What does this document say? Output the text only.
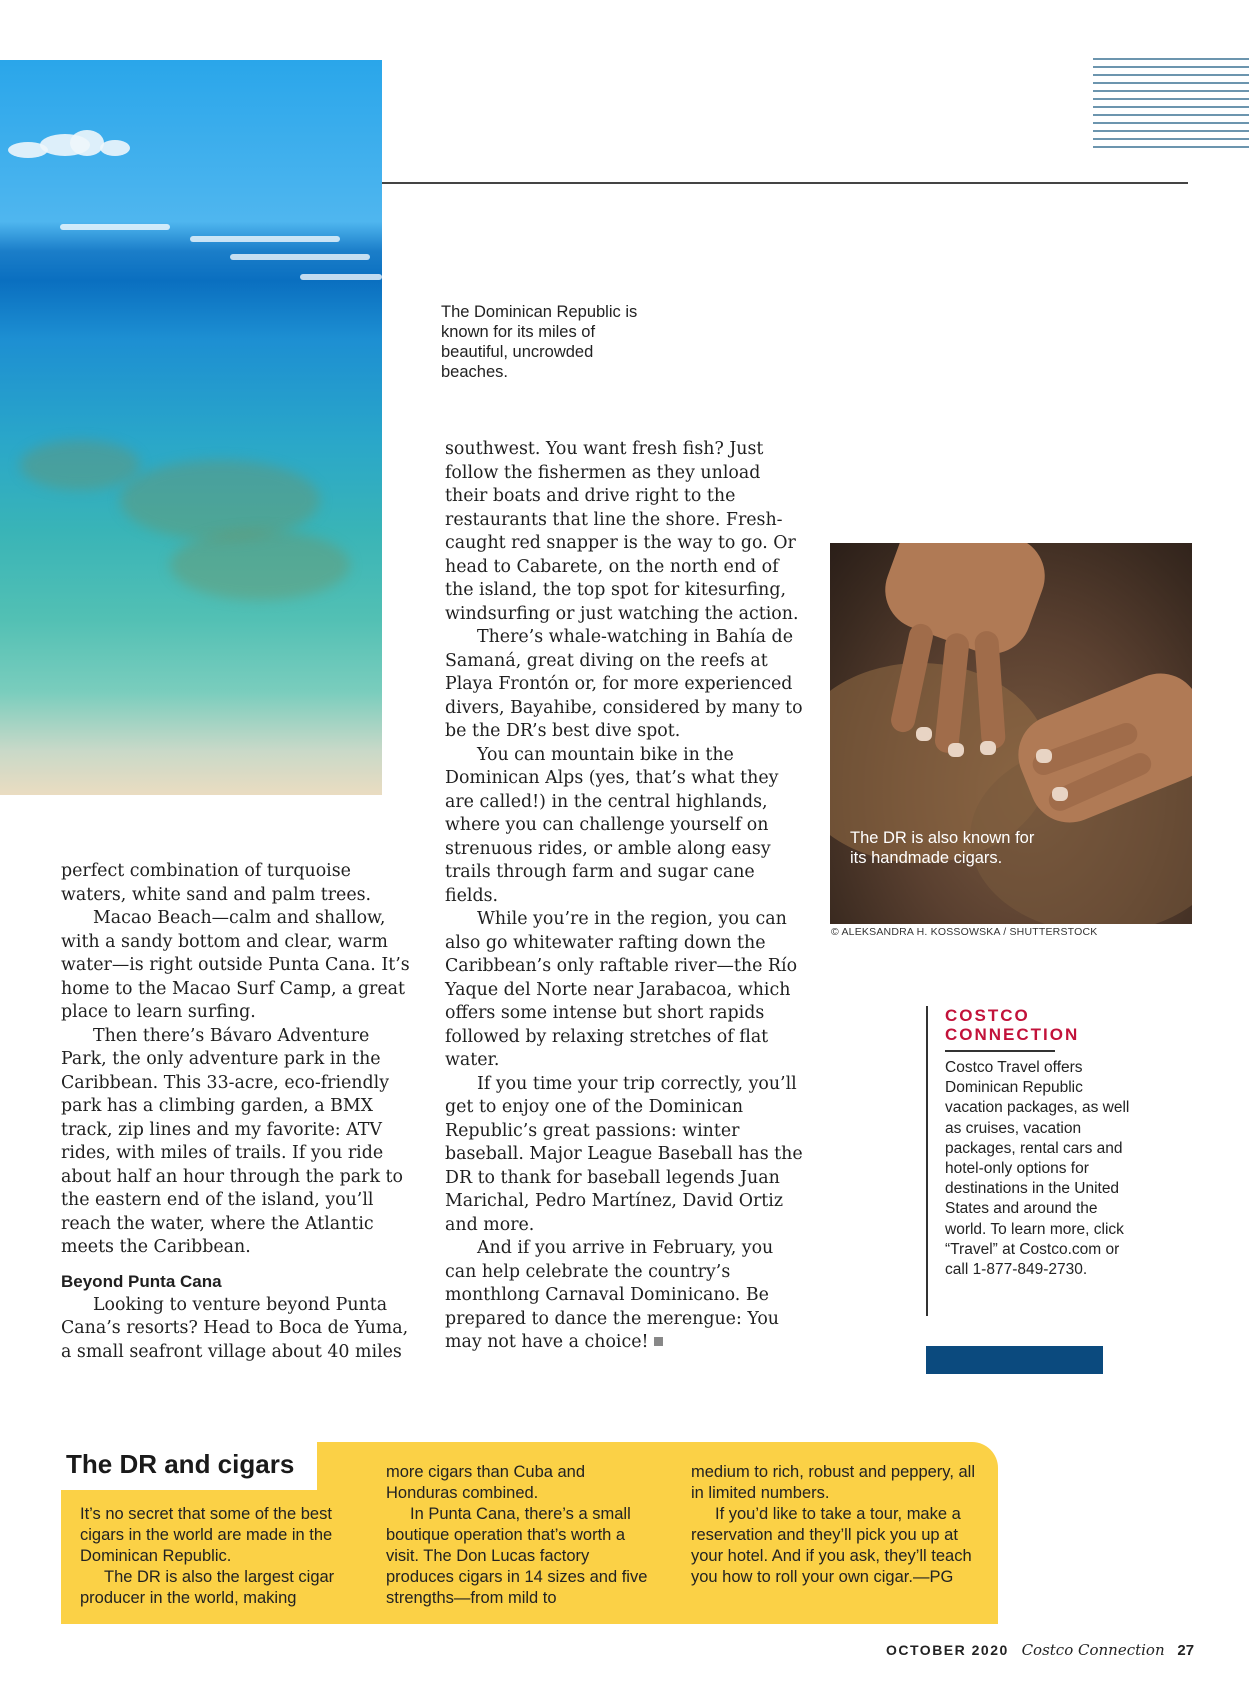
The Dominican Republic is known for its miles of beautiful, uncrowded beaches.

perfect combination of turquoise waters, white sand and palm trees.

Macao Beach—calm and shallow, with a sandy bottom and clear, warm water—is right outside Punta Cana. It’s home to the Macao Surf Camp, a great place to learn surfing.

Then there’s Bávaro Adventure Park, the only adventure park in the Caribbean. This 33-acre, eco-friendly park has a climbing garden, a BMX track, zip lines and my favorite: ATV rides, with miles of trails. If you ride about half an hour through the park to the eastern end of the island, you’ll reach the water, where the Atlantic meets the Caribbean.

Beyond Punta Cana

Looking to venture beyond Punta Cana’s resorts? Head to Boca de Yuma, a small seafront village about 40 miles

southwest. You want fresh fish? Just follow the fishermen as they unload their boats and drive right to the restaurants that line the shore. Fresh-caught red snapper is the way to go. Or head to Cabarete, on the north end of the island, the top spot for kitesurfing, windsurfing or just watching the action.

There’s whale-watching in Bahía de Samaná, great diving on the reefs at Playa Frontón or, for more experienced divers, Bayahibe, considered by many to be the DR’s best dive spot.

You can mountain bike in the Dominican Alps (yes, that’s what they are called!) in the central highlands, where you can challenge yourself on strenuous rides, or amble along easy trails through farm and sugar cane fields.

While you’re in the region, you can also go whitewater rafting down the Caribbean’s only raftable river—the Río Yaque del Norte near Jarabacoa, which offers some intense but short rapids followed by relaxing stretches of flat water.

If you time your trip correctly, you’ll get to enjoy one of the Dominican Republic’s great passions: winter baseball. Major League Baseball has the DR to thank for baseball legends Juan Marichal, Pedro Martínez, David Ortiz and more.

And if you arrive in February, you can help celebrate the country’s monthlong Carnaval Dominicano. Be prepared to dance the merengue: You may not have a choice!

The DR is also known for its handmade cigars.
© ALEKSANDRA H. KOSSOWSKA / SHUTTERSTOCK
COSTCO
CONNECTION
Costco Travel offers Dominican Republic vacation packages, as well as cruises, vacation packages, rental cars and hotel-only options for destinations in the United States and around the world. To learn more, click “Travel” at Costco.com or call 1-877-849-2730.
The DR and cigars

It’s no secret that some of the best cigars in the world are made in the Dominican Republic.

The DR is also the largest cigar producer in the world, making

more cigars than Cuba and Honduras combined.

In Punta Cana, there’s a small boutique operation that’s worth a visit. The Don Lucas factory produces cigars in 14 sizes and five strengths—from mild to

medium to rich, robust and peppery, all in limited numbers.

If you’d like to take a tour, make a reservation and they’ll pick you up at your hotel. And if you ask, they’ll teach you how to roll your own cigar.—PG

OCTOBER 2020 Costco Connection 27
